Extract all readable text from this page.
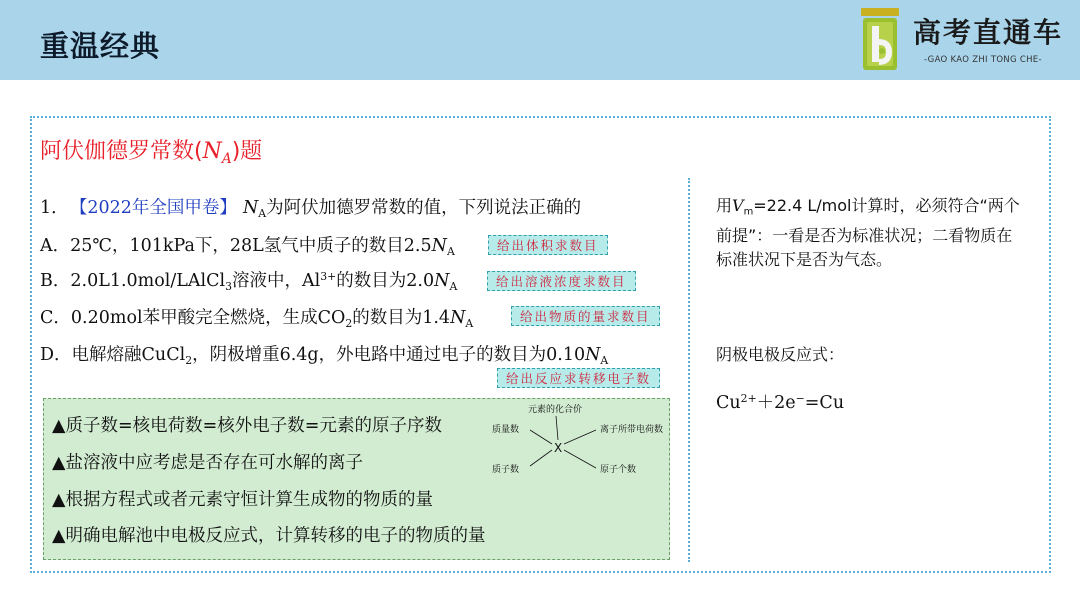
重温经典	高考直通车
-GAO KAO ZHI TONG CHE-
阿伏伽德罗常数$(N_A)$题
1． 【2022年全国甲卷】 $N_A$为阿伏加德罗常数的值，下列说法正确的
A．25℃，101kPa下，28L氢气中质子的数目$2.5N_A$	给出体积求数目
B．2.0L1.0mol/LAlCl$_3$溶液中，$Al^{3+}$的数目为$2.0N_A$	给出溶液浓度求数目
C．0.20mol苯甲酸完全燃烧，生成$CO_2$的数目为$1.4N_A$	给出物质的量求数目
D．电解熔融CuCl$_2$，阴极增重6.4g，外电路中通过电子的数目为$0.10N_A$
给出反应求转移电子数
▲质子数=核电荷数=核外电子数=元素的原子序数
▲盐溶液中应考虑是否存在可水解的离子
▲根据方程式或者元素守恒计算生成物的物质的量
▲明确电解池中电极反应式，计算转移的电子的物质的量
元素的化合价
质量数
质子数
离子所带电荷数
原子个数
X
用$V_m=22.4$ L/mol计算时，必须符合“两个前提”：一看是否为标准状况；二看物质在标准状况下是否为气态。
阴极电极反应式：
$Cu^{2+}+2e^-=Cu$
